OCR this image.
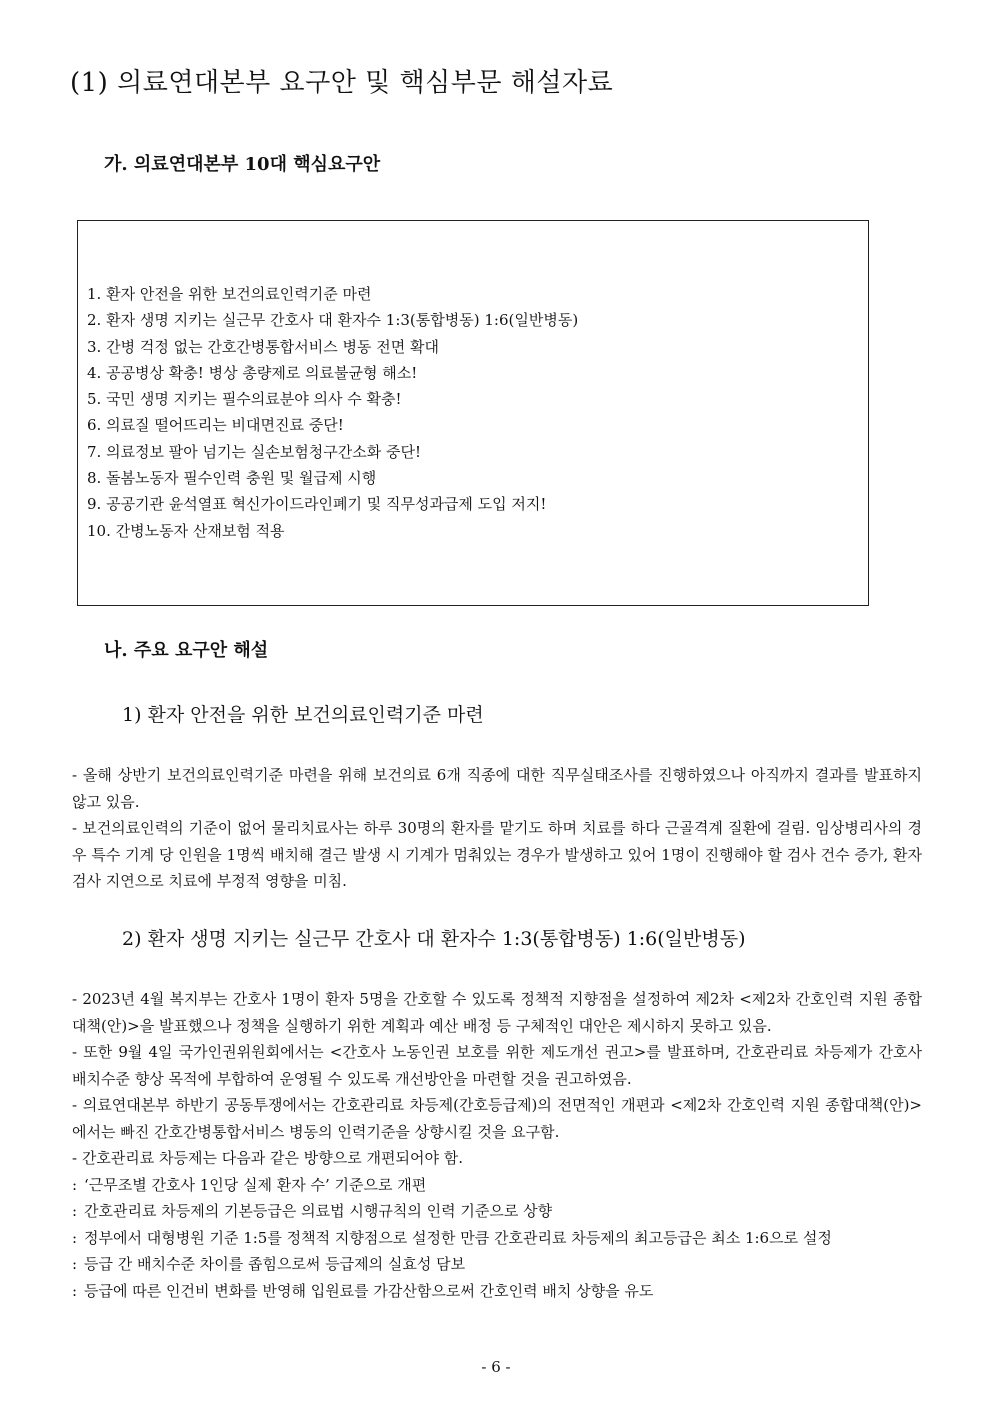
(1) 의료연대본부 요구안 및 핵심부문 해설자료
가. 의료연대본부 10대 핵심요구안
1. 환자 안전을 위한 보건의료인력기준 마련
2. 환자 생명 지키는 실근무 간호사 대 환자수 1:3(통합병동) 1:6(일반병동)
3. 간병 걱정 없는 간호간병통합서비스 병동 전면 확대
4. 공공병상 확충! 병상 총량제로 의료불균형 해소!
5. 국민 생명 지키는 필수의료분야 의사 수 확충!
6. 의료질 떨어뜨리는 비대면진료 중단!
7. 의료정보 팔아 넘기는 실손보험청구간소화 중단!
8. 돌봄노동자 필수인력 충원 및 월급제 시행
9. 공공기관 윤석열표 혁신가이드라인폐기 및 직무성과급제 도입 저지!
10. 간병노동자 산재보험 적용
나. 주요 요구안 해설
1) 환자 안전을 위한 보건의료인력기준 마련

- 올해 상반기 보건의료인력기준 마련을 위해 보건의료 6개 직종에 대한 직무실태조사를 진행하였으나 아직까지 결과를 발표하지 않고 있음.

- 보건의료인력의 기준이 없어 물리치료사는 하루 30명의 환자를 맡기도 하며 치료를 하다 근골격계 질환에 걸림. 임상병리사의 경우 특수 기계 당 인원을 1명씩 배치해 결근 발생 시 기계가 멈춰있는 경우가 발생하고 있어 1명이 진행해야 할 검사 건수 증가, 환자 검사 지연으로 치료에 부정적 영향을 미침.

2) 환자 생명 지키는 실근무 간호사 대 환자수 1:3(통합병동) 1:6(일반병동)

- 2023년 4월 복지부는 간호사 1명이 환자 5명을 간호할 수 있도록 정책적 지향점을 설정하여 제2차 <제2차 간호인력 지원 종합대책(안)>을 발표했으나 정책을 실행하기 위한 계획과 예산 배정 등 구체적인 대안은 제시하지 못하고 있음.

- 또한 9월 4일 국가인권위원회에서는 <간호사 노동인권 보호를 위한 제도개선 권고>를 발표하며, 간호관리료 차등제가 간호사 배치수준 향상 목적에 부합하여 운영될 수 있도록 개선방안을 마련할 것을 권고하였음.

- 의료연대본부 하반기 공동투쟁에서는 간호관리료 차등제(간호등급제)의 전면적인 개편과 <제2차 간호인력 지원 종합대책(안)>에서는 빠진 간호간병통합서비스 병동의 인력기준을 상향시킬 것을 요구함.

- 간호관리료 차등제는 다음과 같은 방향으로 개편되어야 함.

: ‘근무조별 간호사 1인당 실제 환자 수’ 기준으로 개편
: 간호관리료 차등제의 기본등급은 의료법 시행규칙의 인력 기준으로 상향
: 정부에서 대형병원 기준 1:5를 정책적 지향점으로 설정한 만큼 간호관리료 차등제의 최고등급은 최소 1:6으로 설정
: 등급 간 배치수준 차이를 좁힘으로써 등급제의 실효성 담보
: 등급에 따른 인건비 변화를 반영해 입원료를 가감산함으로써 간호인력 배치 상향을 유도
- 6 -
